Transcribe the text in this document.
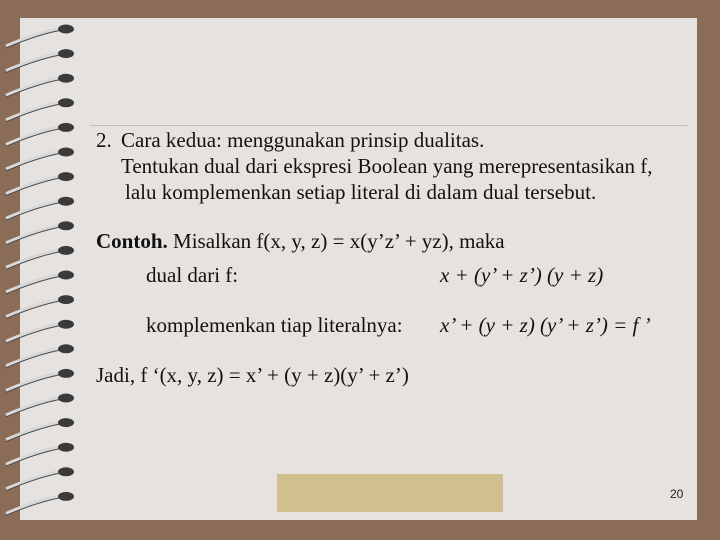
2. Cara kedua: menggunakan prinsip dualitas.
Tentukan dual dari ekspresi Boolean yang merepresentasikan f,
lalu komplemenkan setiap literal di dalam dual tersebut.
Contoh. Misalkan f(x, y, z) = x(y’z’ + yz), maka
dual dari f:	x + (y’ + z’) (y + z)
komplemenkan tiap literalnya: x’ + (y + z) (y’ + z’) = f ’
Jadi, f ‘(x, y, z) = x’ + (y + z)(y’ + z’)
20
